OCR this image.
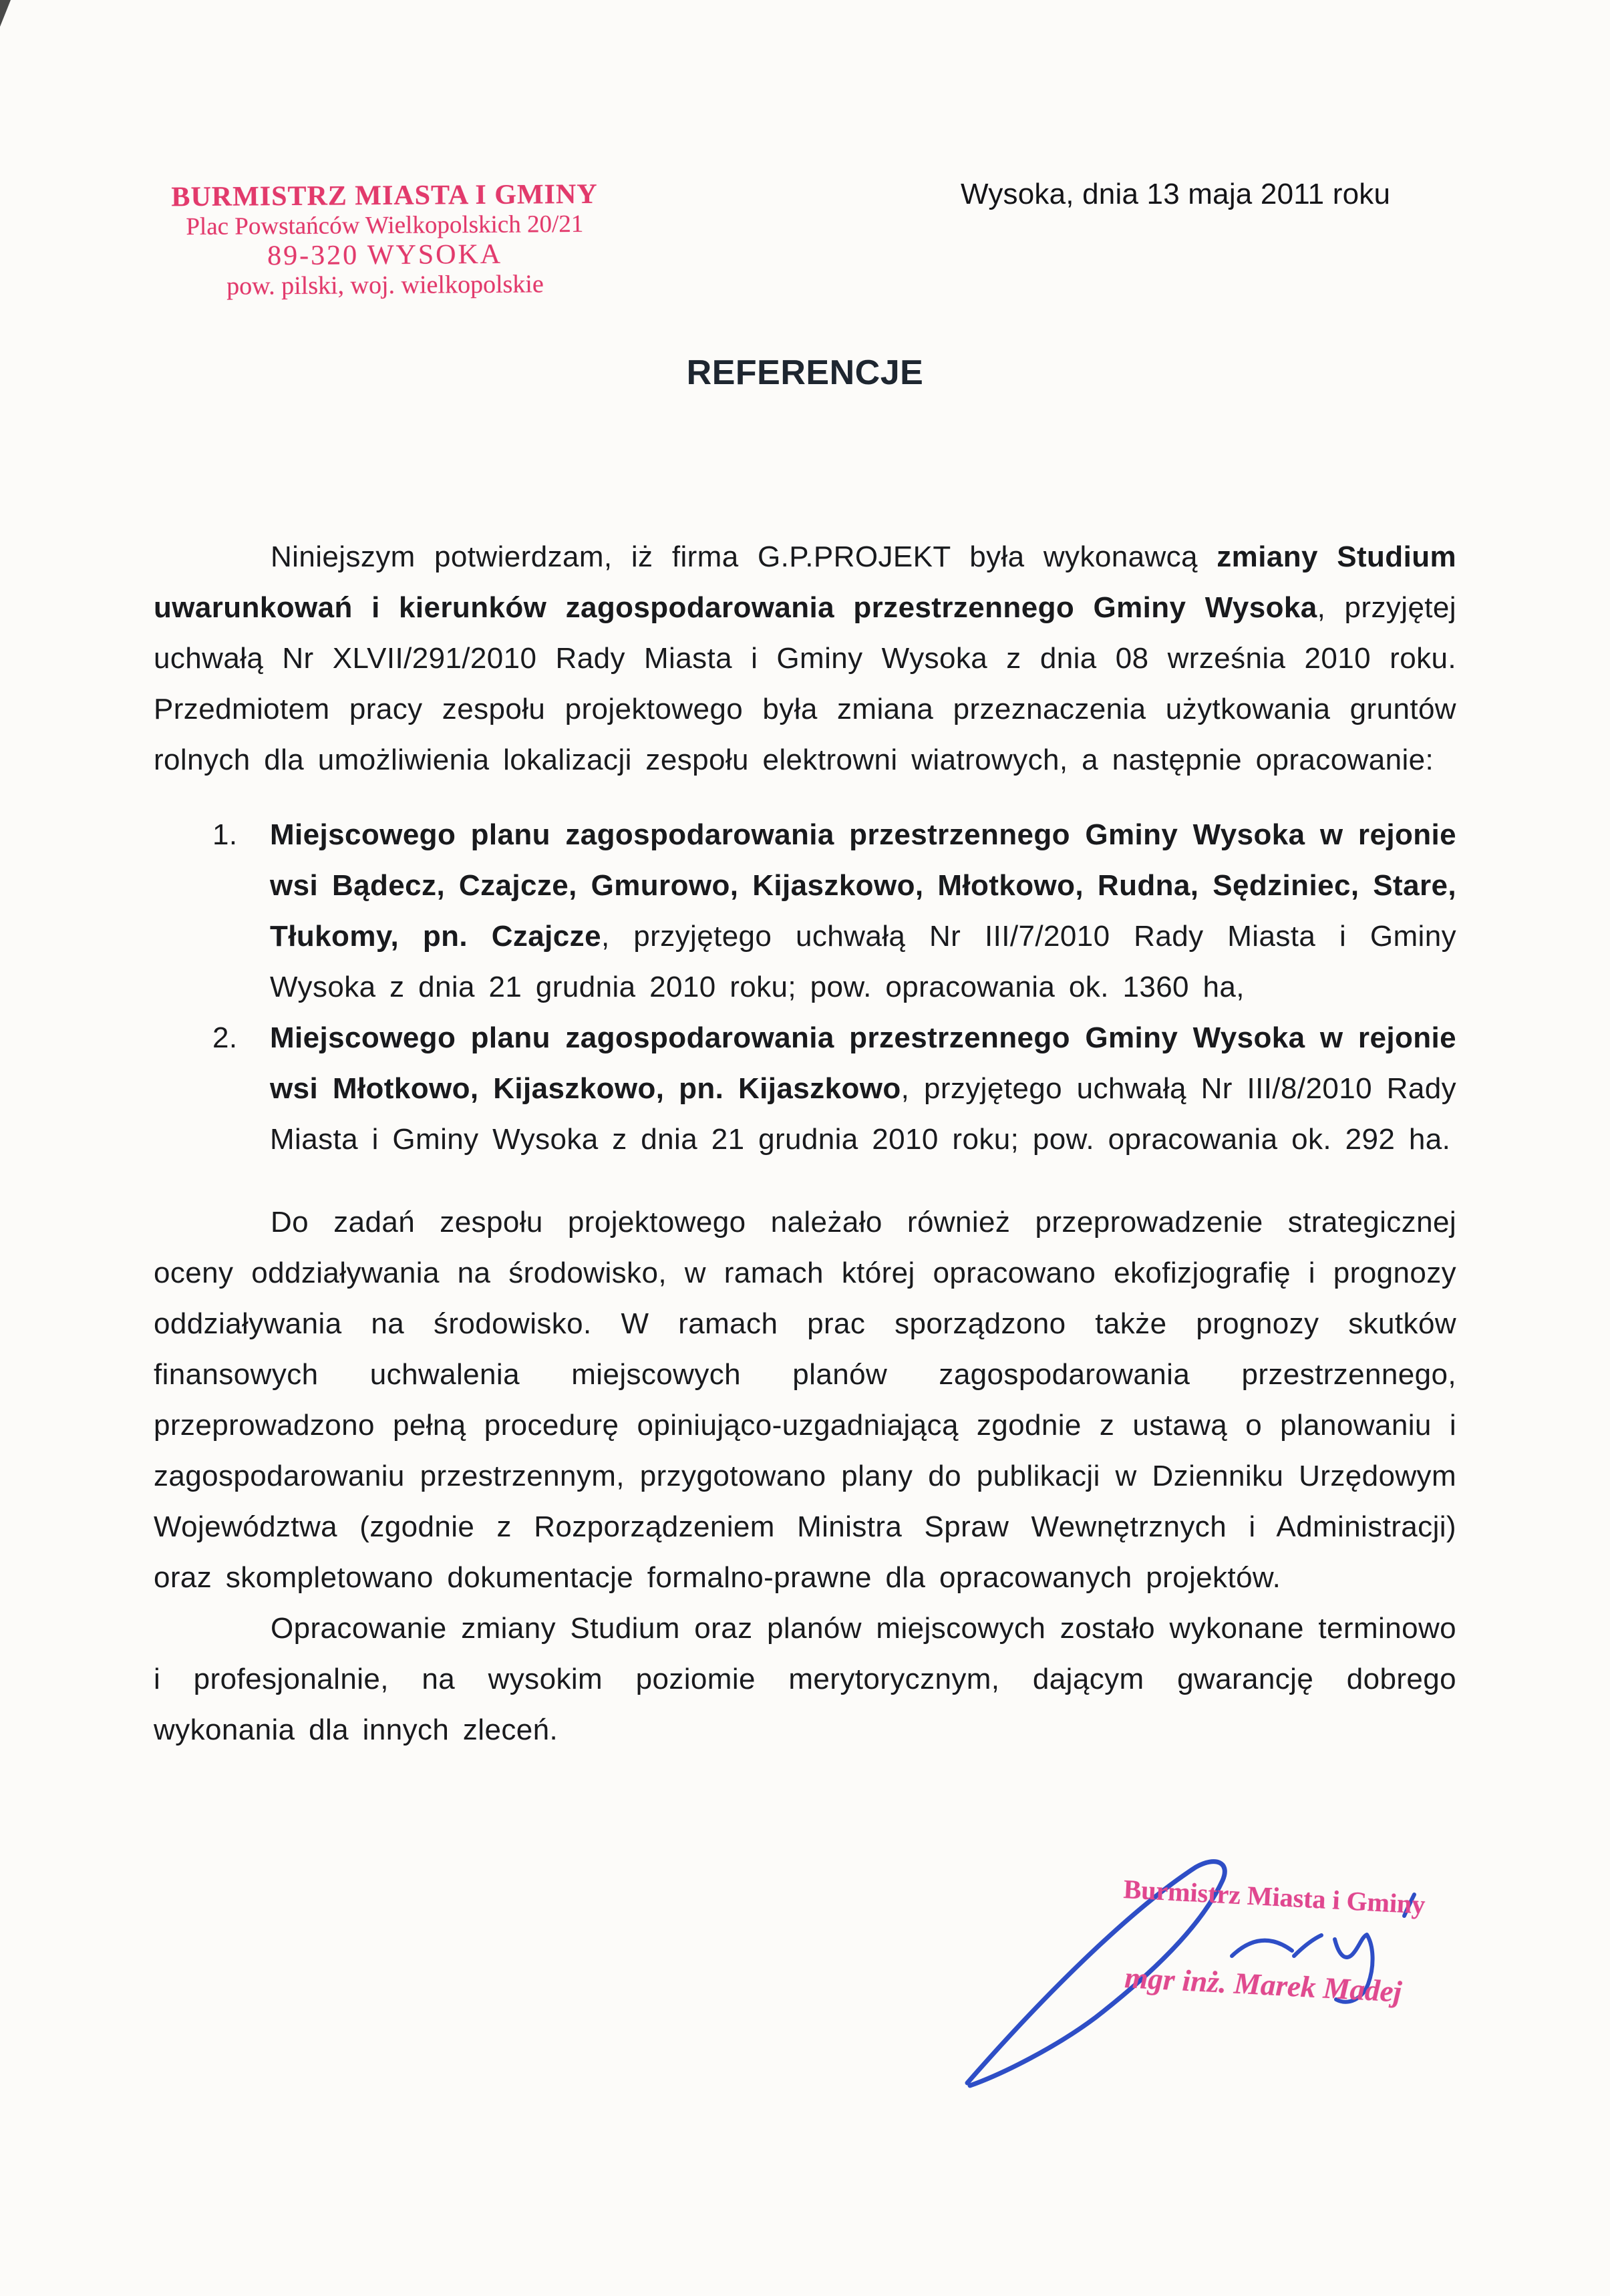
BURMISTRZ MIASTA I GMINY
Plac Powstańców Wielkopolskich 20/21
89-320 WYSOKA
pow. pilski, woj. wielkopolskie
Wysoka, dnia 13 maja 2011 roku
REFERENCJE

Niniejszym potwierdzam, iż firma G.P.PROJEKT była wykonawcą zmiany Studium uwarunkowań i kierunków zagospodarowania przestrzennego Gminy Wysoka, przyjętej uchwałą Nr XLVII/291/2010 Rady Miasta i Gminy Wysoka z dnia 08 września 2010 roku. Przedmiotem pracy zespołu projektowego była zmiana przeznaczenia użytkowania gruntów rolnych dla umożliwienia lokalizacji zespołu elektrowni wiatrowych, a następnie opracowanie:

1.	Miejscowego planu zagospodarowania przestrzennego Gminy Wysoka w rejonie wsi Bądecz, Czajcze, Gmurowo, Kijaszkowo, Młotkowo, Rudna, Sędziniec, Stare, Tłukomy, pn. Czajcze, przyjętego uchwałą Nr III/7/2010 Rady Miasta i Gminy Wysoka z dnia 21 grudnia 2010 roku; pow. opracowania ok. 1360 ha,
2.	Miejscowego planu zagospodarowania przestrzennego Gminy Wysoka w rejonie wsi Młotkowo, Kijaszkowo, pn. Kijaszkowo, przyjętego uchwałą Nr III/8/2010 Rady Miasta i Gminy Wysoka z dnia 21 grudnia 2010 roku; pow. opracowania ok. 292 ha.

Do zadań zespołu projektowego należało również przeprowadzenie strategicznej oceny oddziaływania na środowisko, w ramach której opracowano ekofizjografię i prognozy oddziaływania na środowisko. W ramach prac sporządzono także prognozy skutków finansowych uchwalenia miejscowych planów zagospodarowania przestrzennego, przeprowadzono pełną procedurę opiniująco-uzgadniającą zgodnie z ustawą o planowaniu i zagospodarowaniu przestrzennym, przygotowano plany do publikacji w Dzienniku Urzędowym Województwa (zgodnie z Rozporządzeniem Ministra Spraw Wewnętrznych i Administracji) oraz skompletowano dokumentacje formalno-prawne dla opracowanych projektów.

Opracowanie zmiany Studium oraz planów miejscowych zostało wykonane terminowo i profesjonalnie, na wysokim poziomie merytorycznym, dającym gwarancję dobrego wykonania dla innych zleceń.

Burmistrz Miasta i Gminy
mgr inż. Marek Madej
